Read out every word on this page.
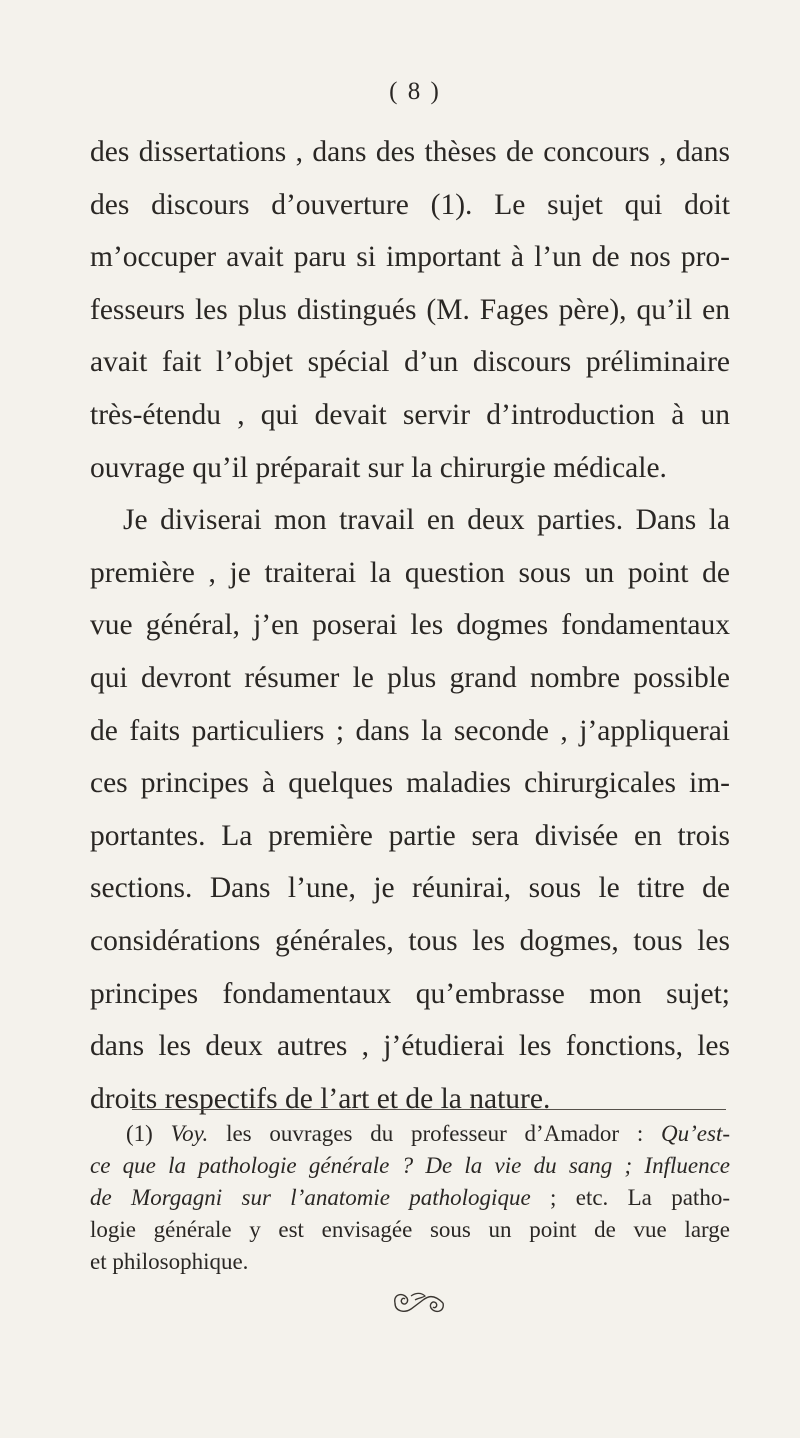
( 8 )
des dissertations , dans des thèses de concours , dans
des discours d’ouverture (1). Le sujet qui doit
m’occuper avait paru si important à l’un de nos pro-
fesseurs les plus distingués (M. Fages père), qu’il en
avait fait l’objet spécial d’un discours préliminaire
très-étendu , qui devait servir d’introduction à un
ouvrage qu’il préparait sur la chirurgie médicale.
Je diviserai mon travail en deux parties. Dans la
première , je traiterai la question sous un point de
vue général, j’en poserai les dogmes fondamentaux
qui devront résumer le plus grand nombre possible
de faits particuliers ; dans la seconde , j’appliquerai
ces principes à quelques maladies chirurgicales im-
portantes. La première partie sera divisée en trois
sections. Dans l’une, je réunirai, sous le titre de
considérations générales, tous les dogmes, tous les
principes fondamentaux qu’embrasse mon sujet;
dans les deux autres , j’étudierai les fonctions, les
droits respectifs de l’art et de la nature.
(1) Voy. les ouvrages du professeur d’Amador : Qu’est-
ce que la pathologie générale ? De la vie du sang ; Influence
de Morgagni sur l’anatomie pathologique ; etc. La patho-
logie générale y est envisagée sous un point de vue large
et philosophique.
